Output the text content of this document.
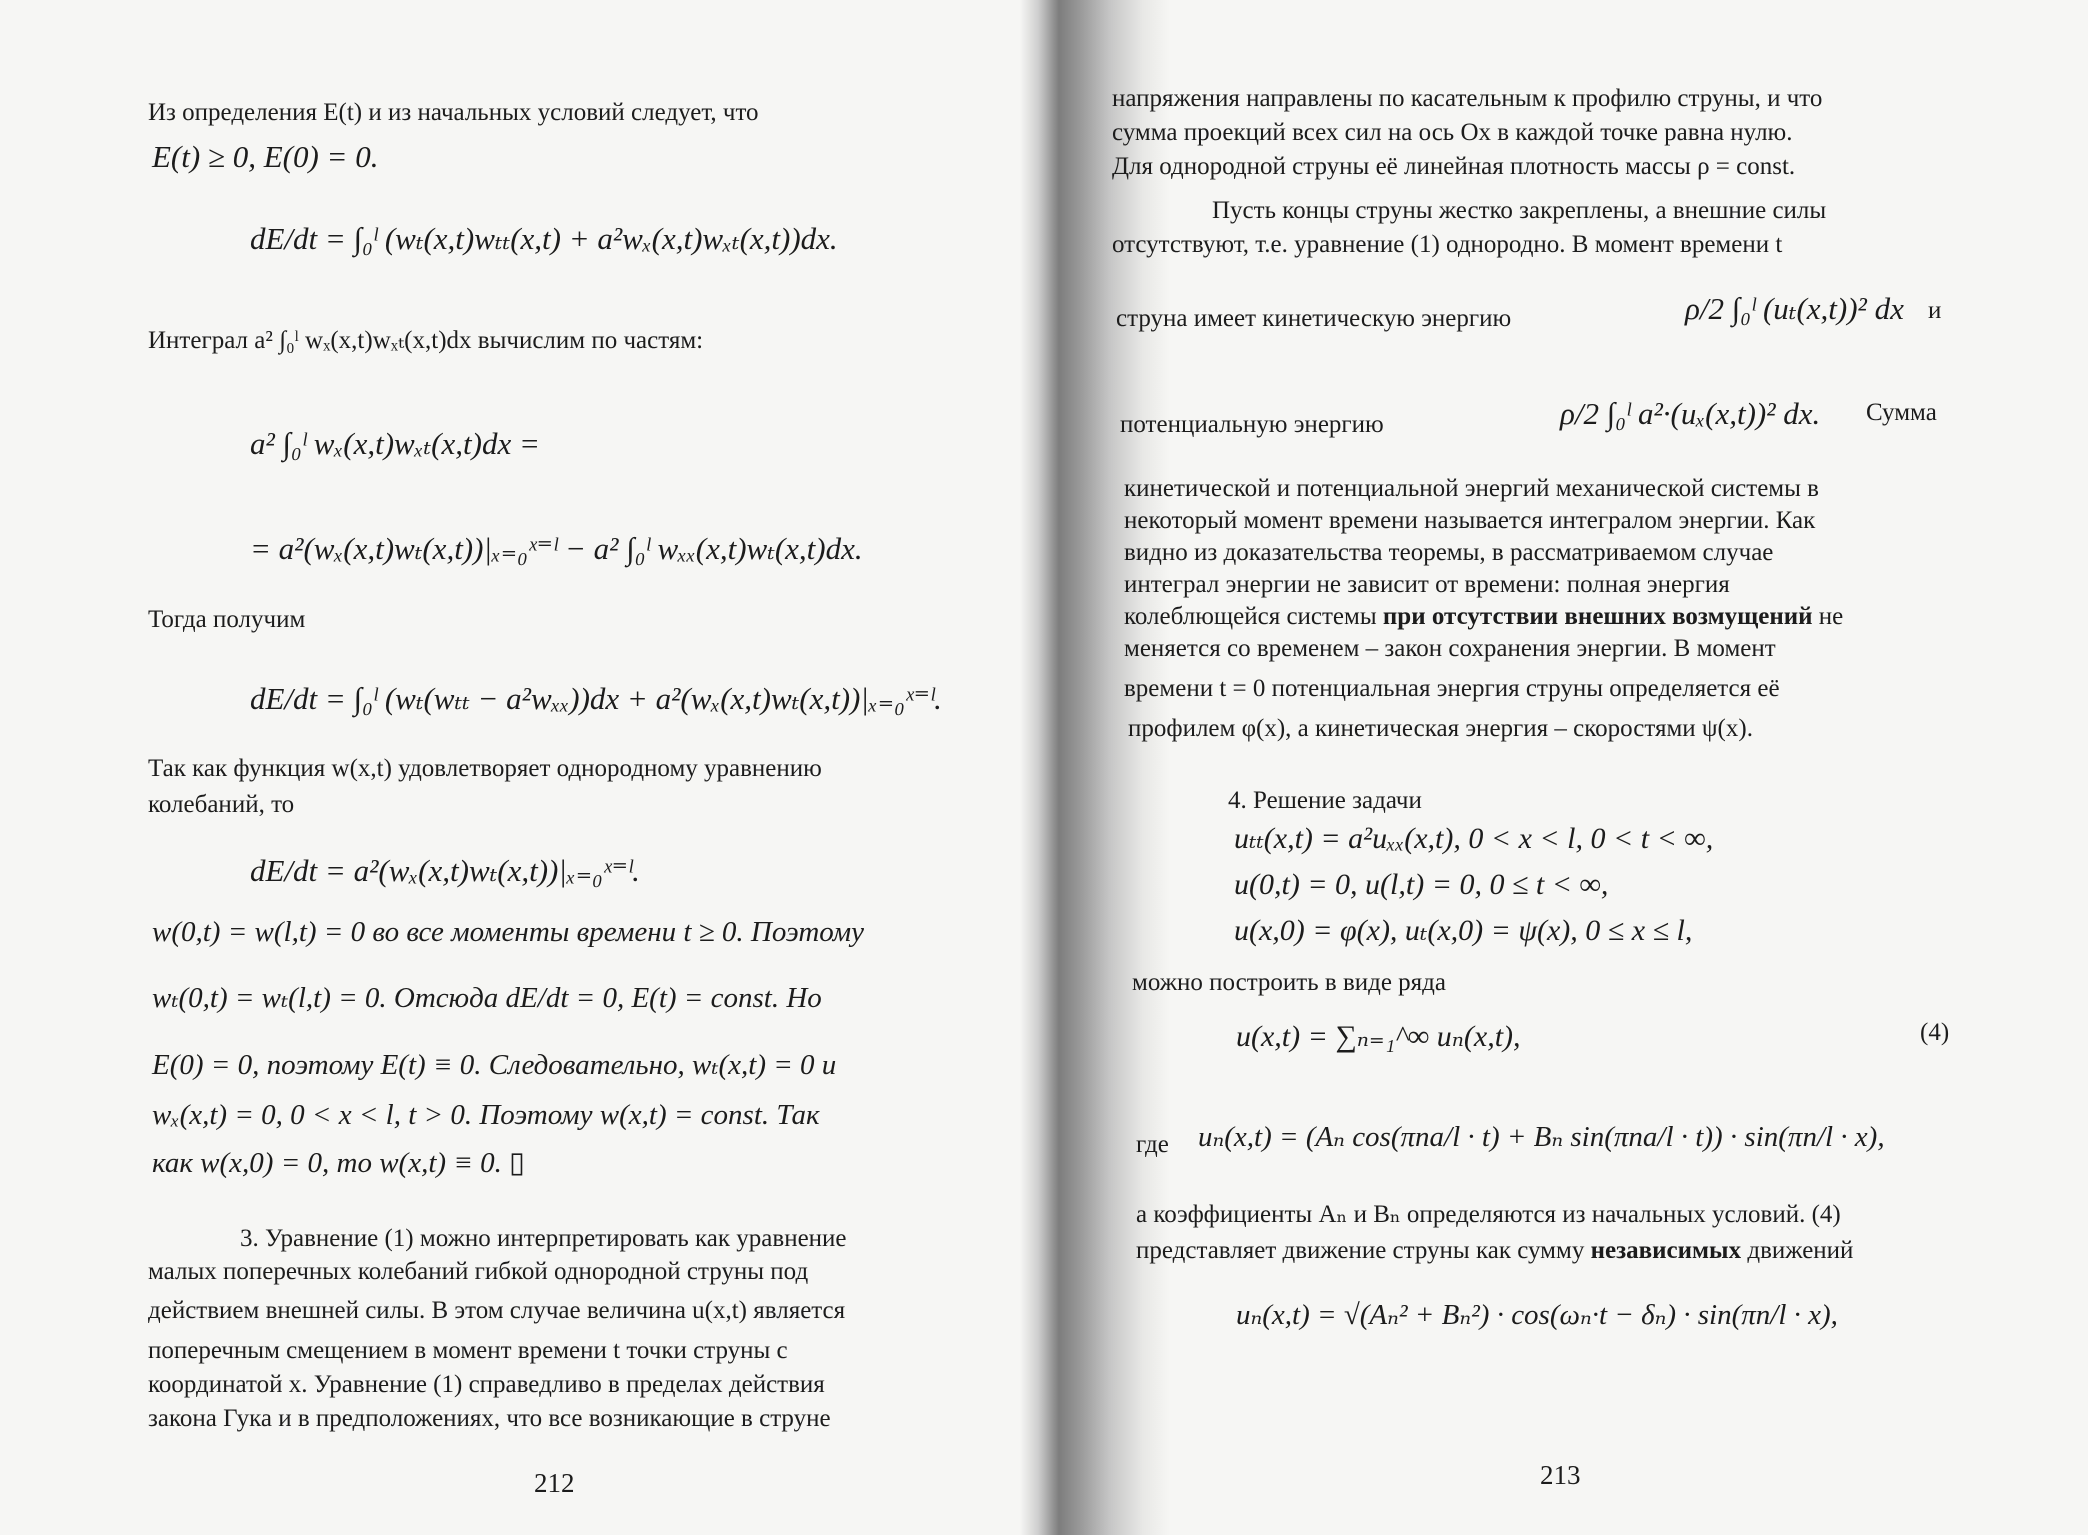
Из определения E(t) и из начальных условий следует, что
E(t) ≥ 0, E(0) = 0.
dE/dt = ∫₀ˡ (wₜ(x,t)wₜₜ(x,t) + a²wₓ(x,t)wₓₜ(x,t))dx.
Интеграл a² ∫₀ˡ wₓ(x,t)wₓₜ(x,t)dx вычислим по частям:
a² ∫₀ˡ wₓ(x,t)wₓₜ(x,t)dx =
= a²(wₓ(x,t)wₜ(x,t))|ₓ₌₀ˣ⁼ˡ − a² ∫₀ˡ wₓₓ(x,t)wₜ(x,t)dx.
Тогда получим
dE/dt = ∫₀ˡ (wₜ(wₜₜ − a²wₓₓ))dx + a²(wₓ(x,t)wₜ(x,t))|ₓ₌₀ˣ⁼ˡ.
Так как функция w(x,t) удовлетворяет однородному уравнению
колебаний, то
dE/dt = a²(wₓ(x,t)wₜ(x,t))|ₓ₌₀ˣ⁼ˡ.
w(0,t) = w(l,t) = 0 во все моменты времени t ≥ 0. Поэтому
wₜ(0,t) = wₜ(l,t) = 0. Отсюда dE/dt = 0, E(t) = const. Но
E(0) = 0, поэтому E(t) ≡ 0. Следовательно, wₜ(x,t) = 0 и
wₓ(x,t) = 0, 0 < x < l, t > 0. Поэтому w(x,t) = const. Так
как w(x,0) = 0, то w(x,t) ≡ 0. ▯
3. Уравнение (1) можно интерпретировать как уравнение
малых поперечных колебаний гибкой однородной струны под
действием внешней силы. В этом случае величина u(x,t) является
поперечным смещением в момент времени t точки струны с
координатой x. Уравнение (1) справедливо в пределах действия
закона Гука и в предположениях, что все возникающие в струне
212
напряжения направлены по касательным к профилю струны, и что
сумма проекций всех сил на ось Ox в каждой точке равна нулю.
Для однородной струны её линейная плотность массы ρ = const.
Пусть концы струны жестко закреплены, а внешние силы
отсутствуют, т.е. уравнение (1) однородно. В момент времени t
струна имеет кинетическую энергию	ρ/2 ∫₀ˡ (uₜ(x,t))² dx и
потенциальную энергию	ρ/2 ∫₀ˡ a²·(uₓ(x,t))² dx. Сумма
кинетической и потенциальной энергий механической системы в
некоторый момент времени называется интегралом энергии. Как
видно из доказательства теоремы, в рассматриваемом случае
интеграл энергии не зависит от времени: полная энергия
колеблющейся системы при отсутствии внешних возмущений не
меняется со временем – закон сохранения энергии. В момент
времени t = 0 потенциальная энергия струны определяется её
профилем φ(x), а кинетическая энергия – скоростями ψ(x).
4. Решение задачи
uₜₜ(x,t) = a²uₓₓ(x,t), 0 < x < l, 0 < t < ∞,
u(0,t) = 0, u(l,t) = 0, 0 ≤ t < ∞,
u(x,0) = φ(x), uₜ(x,0) = ψ(x), 0 ≤ x ≤ l,
можно построить в виде ряда
u(x,t) = ∑ₙ₌₁^∞ uₙ(x,t),	(4)
где uₙ(x,t) = (Aₙ cos(πna/l · t) + Bₙ sin(πna/l · t)) · sin(πn/l · x),
а коэффициенты Aₙ и Bₙ определяются из начальных условий. (4)
представляет движение струны как сумму независимых движений
uₙ(x,t) = √(Aₙ² + Bₙ²) · cos(ωₙ·t − δₙ) · sin(πn/l · x),
213
